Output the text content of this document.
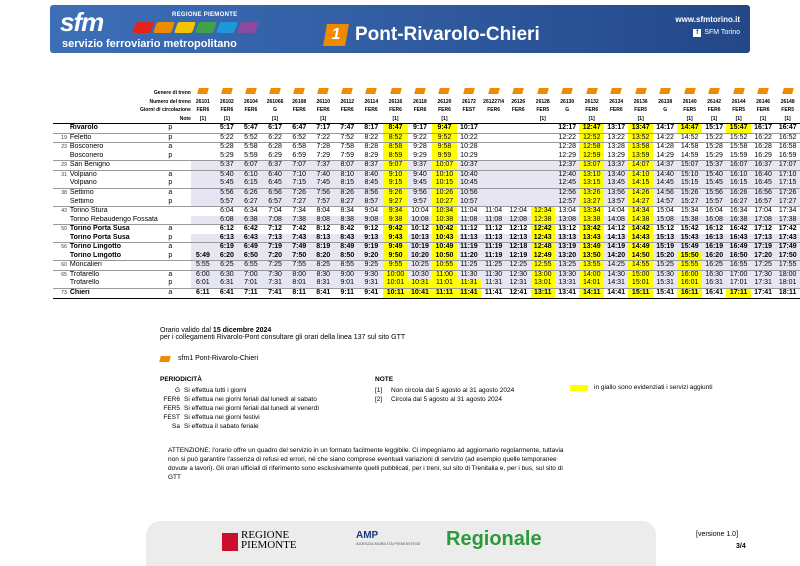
sfm	REGIONE PIEMONTE
servizio ferroviario metropolitano
1 Pont-Rivarolo-Chieri
www.sfmtorino.it
f SFM Torino
	Genere di treno																										
	Numero del treno		26101	26102	26104	261066	26108	26110	26112	26114	26116	26118	26120	26172	261227/4	26126	26128	26130	26132	26134	26136	26138	26140	26142	26144	26146	26148
	Giorni di circolazione		FER6	FER6	FER6	G	FER6	FER6	FER6	FER6	FER6	FER6	FER6	FEST	FER6	FER6	FER5	G	FER6	FER6	FER5	G	FER5	FER6	FER5	FER6	FER5
	Note		[1]	[1]		[1]		[1]			[1]		[1]				[1]		[1]		[1]		[1]	[1]	[1]	[1]	[1]
	Rivarolo	p		5:17	5:47	6:17	6:47	7:17	7:47	8:17	8:47	9:17	9:47	10:17				12:17	12:47	13:17	13:47	14:17	14:47	15:17	15:47	16:17	16:47
19	Feletto	p		5:22	5:52	6:22	6:52	7:22	7:52	8:22	8:52	9:22	9:52	10:22				12:22	12:52	13:22	13:52	14:22	14:52	15:22	15:52	16:22	16:52
23	Bosconero	a		5:28	5:58	6:28	6:58	7:28	7:58	8:28	8:58	9:28	9:58	10:28				12:28	12:58	13:28	13:58	14:28	14:58	15:28	15:58	16:28	16:58
	Bosconero	p		5:29	5:59	6:29	6:59	7:29	7:59	8:29	8:59	9:29	9:59	10:29				12:29	12:59	13:29	13:59	14:29	14:59	15:29	15:59	16:29	16:59
29	San Benigno			5:37	6:07	6:37	7:07	7:37	8:07	8:37	9:07	9:37	10:07	10:37				12:37	13:07	13:37	14:07	14:37	15:07	15:37	16:07	16:37	17:07
31	Volpiano	a		5:40	6:10	6:40	7:10	7:40	8:10	8:40	9:10	9:40	10:10	10:40				12:40	13:10	13:40	14:10	14:40	15:10	15:40	16:10	16:40	17:10
	Volpiano	p		5:45	6:15	6:45	7:15	7:45	8:15	8:45	9:15	9:45	10:15	10:45				12:45	13:15	13:45	14:15	14:45	15:15	15:45	16:15	16:45	17:15
38	Settimo	a		5:56	6:26	6:56	7:26	7:56	8:26	8:56	9:26	9:56	10:26	10:56				12:56	13:26	13:56	14:26	14:56	15:26	15:56	16:26	16:56	17:26
	Settimo	p		5:57	6:27	6:57	7:27	7:57	8:27	8:57	9:27	9:57	10:27	10:57				12:57	13:27	13:57	14:27	14:57	15:27	15:57	16:27	16:57	17:27
43	Torino Stura			6:04	6:34	7:04	7:34	8:04	8:34	9:04	9:34	10:04	10:34	11:04	11:04	12:04	12:34	13:04	13:34	14:04	14:34	15:04	15:34	16:04	16:34	17:04	17:34
	Torino Rebaudengo Fossata			6:08	6:38	7:08	7:38	8:08	8:38	9:08	9:38	10:08	10:38	11:08	11:08	12:08	12:38	13:08	13:38	14:08	14:38	15:08	15:38	16:08	16:38	17:08	17:38
50	Torino Porta Susa	a		6:12	6:42	7:12	7:42	8:12	8:42	9:12	9:42	10:12	10:42	11:12	11:12	12:12	12:42	13:12	13:42	14:12	14:42	15:12	15:42	16:12	16:42	17:12	17:42
	Torino Porta Susa	p		6:13	6:43	7:13	7:43	8:13	8:43	9:13	9:43	10:13	10:43	11:13	11:13	12:13	12:43	13:13	13:43	14:13	14:43	15:13	15:43	16:13	16:43	17:13	17:43
56	Torino Lingotto	a		6:19	6:49	7:19	7:49	8:19	8:49	9:19	9:49	10:19	10:49	11:19	11:19	12:18	12:48	13:19	13:49	14:19	14:49	15:19	15:49	16:19	16:49	17:19	17:49
	Torino Lingotto	p	5:49	6:20	6:50	7:20	7:50	8:20	8:50	9:20	9:50	10:20	10:50	11:20	11:19	12:19	12:49	13:20	13:50	14:20	14:50	15:20	15:50	16:20	16:50	17:20	17:50
60	Moncalieri		5:55	6:25	6:55	7:25	7:55	8:25	8:55	9:25	9:55	10:25	10:55	11:25	11:25	12:25	12:55	13:25	13:55	14:25	14:55	15:25	15:55	16:25	16:55	17:25	17:55
65	Trofarello	a	6:00	6:30	7:00	7:30	8:00	8:30	9:00	9:30	10:00	10:30	11:00	11:30	11:30	12:30	13:00	13:30	14:00	14:30	15:00	15:30	16:00	16:30	17:00	17:30	18:00
	Trofarello	p	6:01	6:31	7:01	7:31	8:01	8:31	9:01	9:31	10:01	10:31	11:01	11:31	11:31	12:31	13:01	13:31	14:01	14:31	15:01	15:31	16:01	16:31	17:01	17:31	18:01
73	Chieri	a	6:11	6:41	7:11	7:41	8:11	8:41	9:11	9:41	10:11	10:41	11:11	11:41	11:41	12:41	13:11	13:41	14:11	14:41	15:11	15:41	16:11	16:41	17:11	17:41	18:11
Orario valido dal 15 dicembre 2024
per i collegamenti Rivarolo-Pont consultare gli orari della linea 137 sul sito GTT
sfm1 Pont-Rivarolo-Chieri
PERIODICITÀ
G Si effettua tutti i giorni
FER6 Si effettua nei giorni feriali dal lunedì al sabato
FER5 Si effettua nei giorni feriali dal lunedì al venerdì
FEST Si effettua nei giorni festivi
Sa Si effettua il sabato feriale
NOTE
[1] Non circola dal 5 agosto al 31 agosto 2024
[2] Circola dal 5 agosto al 31 agosto 2024
in giallo sono evidenziati i servizi aggiunti
ATTENZIONE: l'orario offre un quadro del servizio in un formato facilmente leggibile. Ci impegniamo ad aggiornarlo regolarmente, tuttavia non si può garantire l'assenza di refusi ed errori, né che siano comprese eventuali variazioni di servizio (ad esempio quelle temporanee dovute a lavori). Gli orari ufficiali di riferimento sono esclusivamente quelli pubblicati, per i treni, sul sito di Trenitalia e, per i bus, sul sito di GTT
REGIONE
PIEMONTE
AMP
AGENZIA MOBILITÀ PIEMONTESE Regionale	[versione 1.0]
3/4
